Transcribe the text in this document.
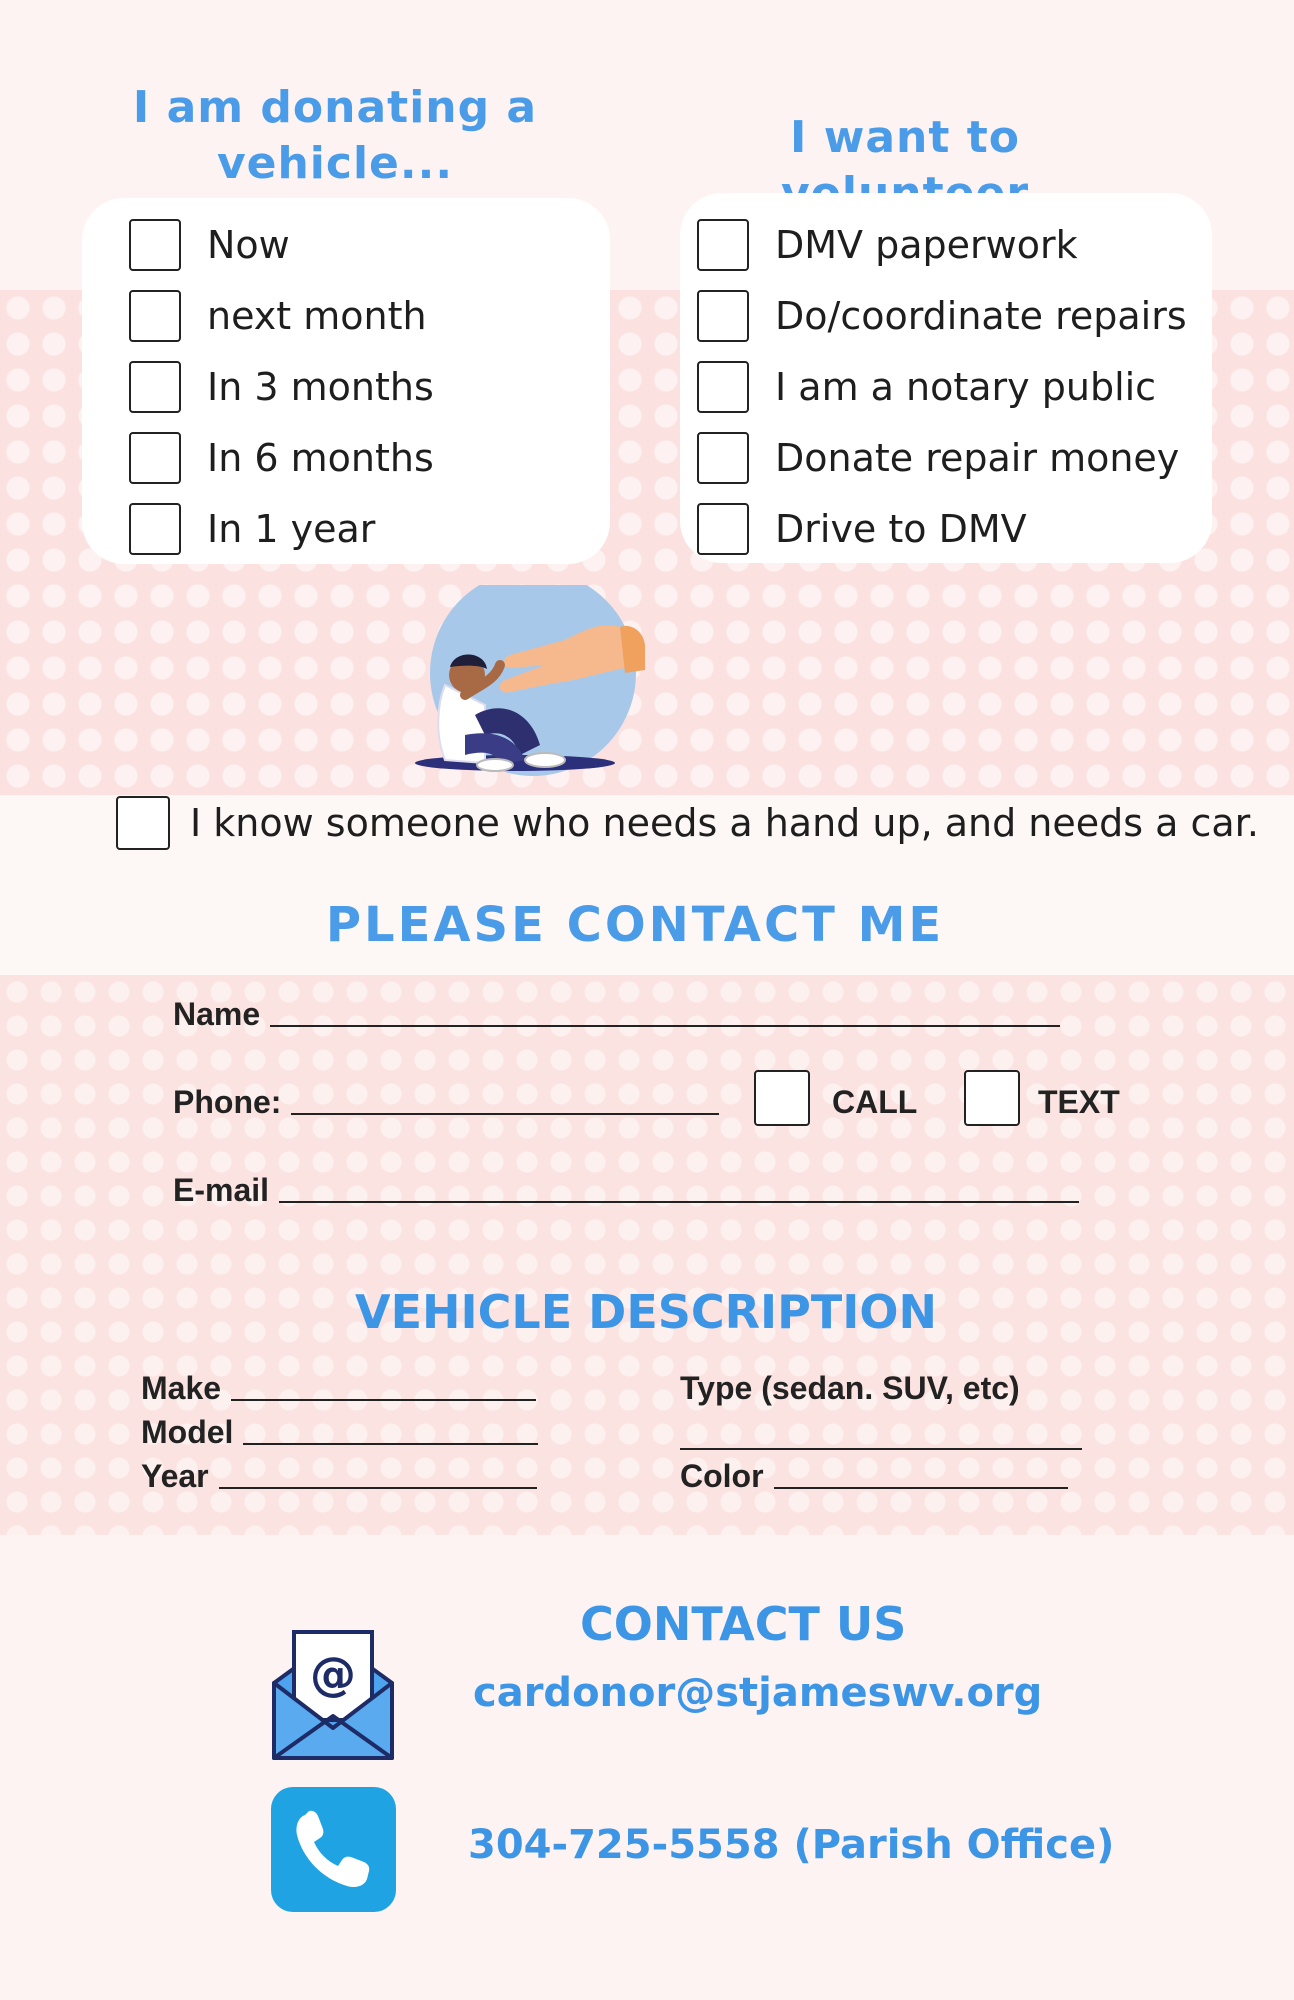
I am donating a
vehicle...
Now
next month
In 3 months
In 6 months
In 1 year
I want to
DMV paperwork
Do/coordinate repairs
I am a notary public
Donate repair money
Drive to DMV
I know someone who needs a hand up, and needs a car.
PLEASE CONTACT ME
Name
Phone:	CALL	TEXT
E-mail
VEHICLE DESCRIPTION
Make
Model
Year
Type (sedan. SUV, etc)
Color
CONTACT US
@	cardonor@stjameswv.org
304-725-5558 (Parish Office)
